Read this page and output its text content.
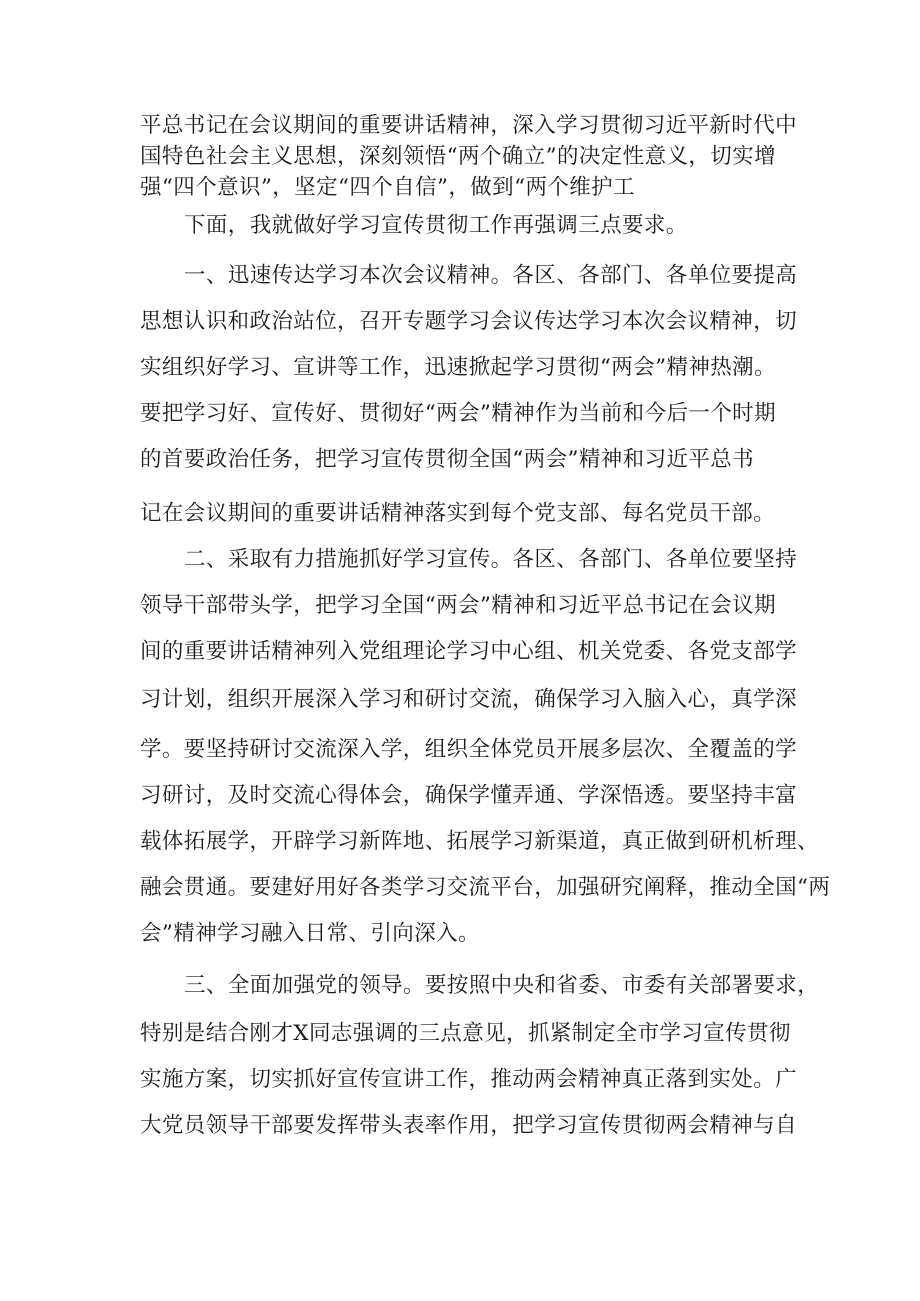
平总书记在会议期间的重要讲话精神，深入学习贯彻习近平新时代中
国特色社会主义思想，深刻领悟“两个确立”的决定性意义，切实增
强“四个意识”，坚定“四个自信”，做到“两个维护工
下面，我就做好学习宣传贯彻工作再强调三点要求。
一、迅速传达学习本次会议精神。各区、各部门、各单位要提高
思想认识和政治站位，召开专题学习会议传达学习本次会议精神，切
实组织好学习、宣讲等工作，迅速掀起学习贯彻“两会”精神热潮。
要把学习好、宣传好、贯彻好“两会”精神作为当前和今后一个时期
的首要政治任务，把学习宣传贯彻全国“两会”精神和习近平总书
记在会议期间的重要讲话精神落实到每个党支部、每名党员干部。
二、采取有力措施抓好学习宣传。各区、各部门、各单位要坚持
领导干部带头学，把学习全国“两会”精神和习近平总书记在会议期
间的重要讲话精神列入党组理论学习中心组、机关党委、各党支部学
习计划，组织开展深入学习和研讨交流，确保学习入脑入心，真学深
学。要坚持研讨交流深入学，组织全体党员开展多层次、全覆盖的学
习研讨，及时交流心得体会，确保学懂弄通、学深悟透。要坚持丰富
载体拓展学，开辟学习新阵地、拓展学习新渠道，真正做到研机析理、
融会贯通。要建好用好各类学习交流平台，加强研究阐释，推动全国“两
会”精神学习融入日常、引向深入。
三、全面加强党的领导。要按照中央和省委、市委有关部署要求，
特别是结合刚才X同志强调的三点意见，抓紧制定全市学习宣传贯彻
实施方案，切实抓好宣传宣讲工作，推动两会精神真正落到实处。广
大党员领导干部要发挥带头表率作用，把学习宣传贯彻两会精神与自
